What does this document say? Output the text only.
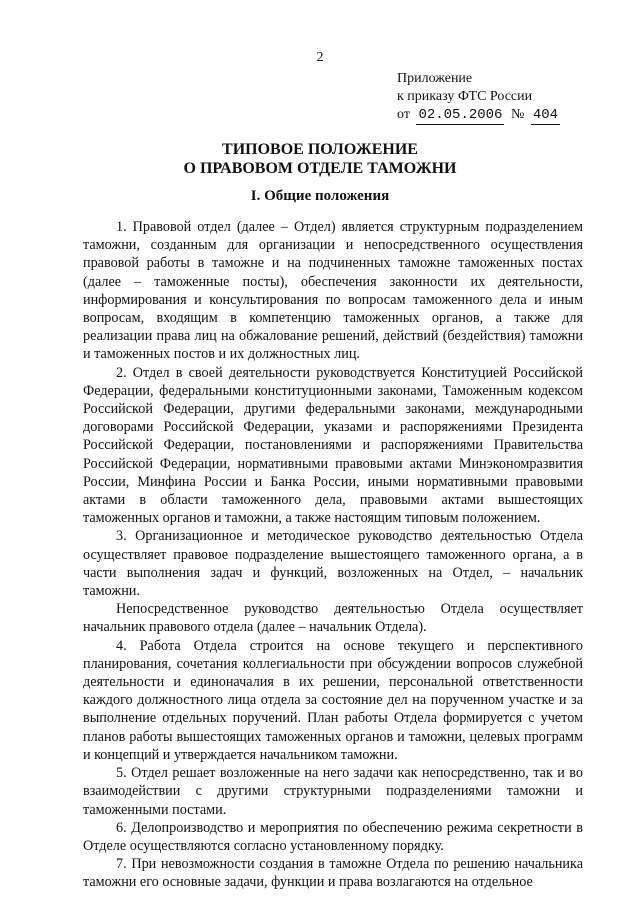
2
Приложение
к приказу ФТС России
от 02.05.2006 № 404
ТИПОВОЕ ПОЛОЖЕНИЕ
О ПРАВОВОМ ОТДЕЛЕ ТАМОЖНИ
I. Общие положения

1. Правовой отдел (далее – Отдел) является структурным подразделением таможни, созданным для организации и непосредственного осуществления правовой работы в таможне и на подчиненных таможне таможенных постах (далее – таможенные посты), обеспечения законности их деятельности, информирования и консультирования по вопросам таможенного дела и иным вопросам, входящим в компетенцию таможенных органов, а также для реализации права лиц на обжалование решений, действий (бездействия) таможни и таможенных постов и их должностных лиц.

2. Отдел в своей деятельности руководствуется Конституцией Российской Федерации, федеральными конституционными законами, Таможенным кодексом Российской Федерации, другими федеральными законами, международными договорами Российской Федерации, указами и распоряжениями Президента Российской Федерации, постановлениями и распоряжениями Правительства Российской Федерации, нормативными правовыми актами Минэкономразвития России, Минфина России и Банка России, иными нормативными правовыми актами в области таможенного дела, правовыми актами вышестоящих таможенных органов и таможни, а также настоящим типовым положением.

3. Организационное и методическое руководство деятельностью Отдела осуществляет правовое подразделение вышестоящего таможенного органа, а в части выполнения задач и функций, возложенных на Отдел, – начальник таможни.

Непосредственное руководство деятельностью Отдела осуществляет начальник правового отдела (далее – начальник Отдела).

4. Работа Отдела строится на основе текущего и перспективного планирования, сочетания коллегиальности при обсуждении вопросов служебной деятельности и единоначалия в их решении, персональной ответственности каждого должностного лица отдела за состояние дел на порученном участке и за выполнение отдельных поручений. План работы Отдела формируется с учетом планов работы вышестоящих таможенных органов и таможни, целевых программ и концепций и утверждается начальником таможни.

5. Отдел решает возложенные на него задачи как непосредственно, так и во взаимодействии с другими структурными подразделениями таможни и таможенными постами.

6. Делопроизводство и мероприятия по обеспечению режима секретности в Отделе осуществляются согласно установленному порядку.

7. При невозможности создания в таможне Отдела по решению начальника таможни его основные задачи, функции и права возлагаются на отдельное
